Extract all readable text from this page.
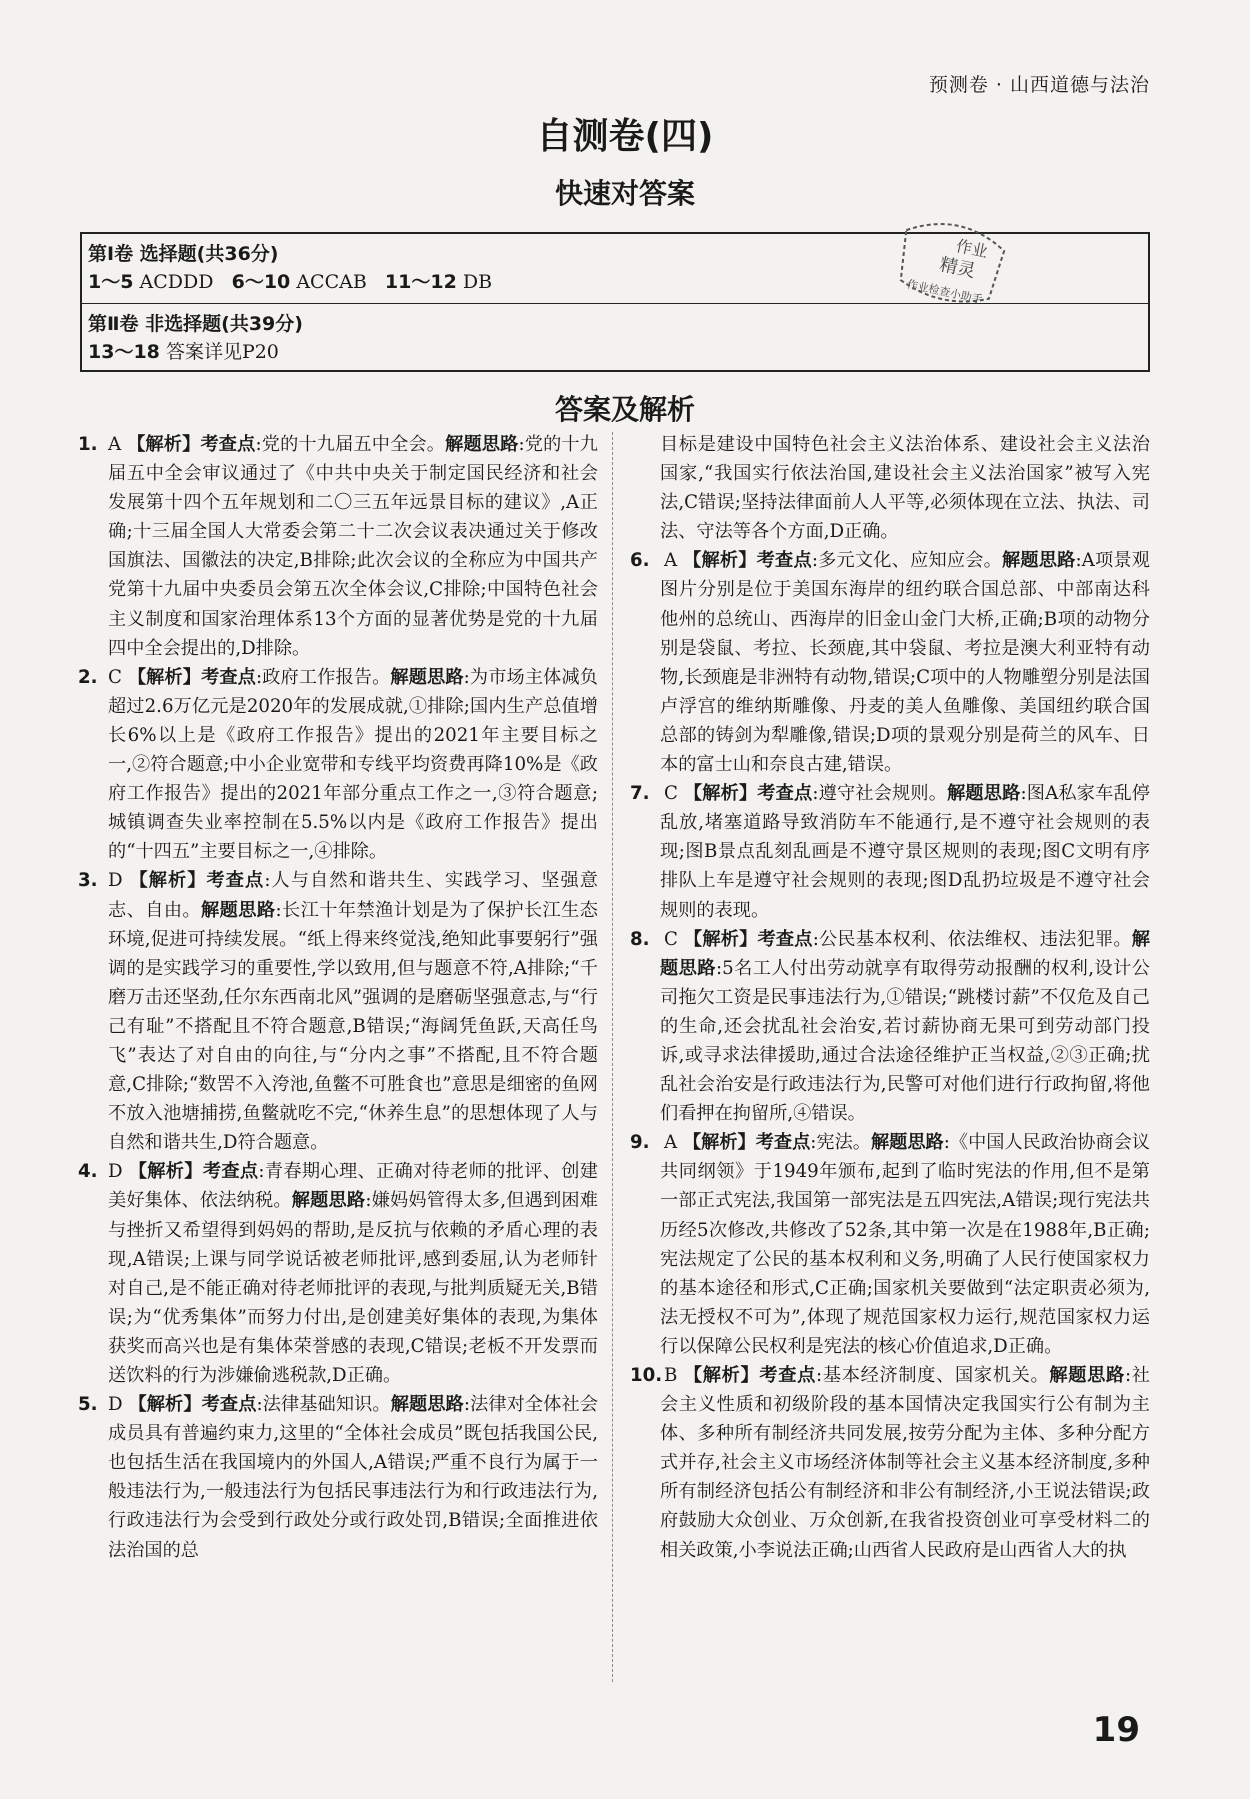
预测卷 · 山西道德与法治
自测卷(四)
快速对答案
第Ⅰ卷 选择题(共36分)
1～5 ACDDD 6～10 ACCAB 11～12 DB
第Ⅱ卷 非选择题(共39分)
13～18 答案详见P20
作业
精灵
作业检查小助手
答案及解析

1. A 【解析】考查点:党的十九届五中全会。解题思路:党的十九届五中全会审议通过了《中共中央关于制定国民经济和社会发展第十四个五年规划和二〇三五年远景目标的建议》,A正确;十三届全国人大常委会第二十二次会议表决通过关于修改国旗法、国徽法的决定,B排除;此次会议的全称应为中国共产党第十九届中央委员会第五次全体会议,C排除;中国特色社会主义制度和国家治理体系13个方面的显著优势是党的十九届四中全会提出的,D排除。

2. C 【解析】考查点:政府工作报告。解题思路:为市场主体减负超过2.6万亿元是2020年的发展成就,①排除;国内生产总值增长6%以上是《政府工作报告》提出的2021年主要目标之一,②符合题意;中小企业宽带和专线平均资费再降10%是《政府工作报告》提出的2021年部分重点工作之一,③符合题意;城镇调查失业率控制在5.5%以内是《政府工作报告》提出的“十四五”主要目标之一,④排除。

3. D 【解析】考查点:人与自然和谐共生、实践学习、坚强意志、自由。解题思路:长江十年禁渔计划是为了保护长江生态环境,促进可持续发展。“纸上得来终觉浅,绝知此事要躬行”强调的是实践学习的重要性,学以致用,但与题意不符,A排除;“千磨万击还坚劲,任尔东西南北风”强调的是磨砺坚强意志,与“行己有耻”不搭配且不符合题意,B错误;“海阔凭鱼跃,天高任鸟飞”表达了对自由的向往,与“分内之事”不搭配,且不符合题意,C排除;“数罟不入洿池,鱼鳖不可胜食也”意思是细密的鱼网不放入池塘捕捞,鱼鳖就吃不完,“休养生息”的思想体现了人与自然和谐共生,D符合题意。

4. D 【解析】考查点:青春期心理、正确对待老师的批评、创建美好集体、依法纳税。解题思路:嫌妈妈管得太多,但遇到困难与挫折又希望得到妈妈的帮助,是反抗与依赖的矛盾心理的表现,A错误;上课与同学说话被老师批评,感到委屈,认为老师针对自己,是不能正确对待老师批评的表现,与批判质疑无关,B错误;为“优秀集体”而努力付出,是创建美好集体的表现,为集体获奖而高兴也是有集体荣誉感的表现,C错误;老板不开发票而送饮料的行为涉嫌偷逃税款,D正确。

5. D 【解析】考查点:法律基础知识。解题思路:法律对全体社会成员具有普遍约束力,这里的“全体社会成员”既包括我国公民,也包括生活在我国境内的外国人,A错误;严重不良行为属于一般违法行为,一般违法行为包括民事违法行为和行政违法行为,行政违法行为会受到行政处分或行政处罚,B错误;全面推进依法治国的总

目标是建设中国特色社会主义法治体系、建设社会主义法治国家,“我国实行依法治国,建设社会主义法治国家”被写入宪法,C错误;坚持法律面前人人平等,必须体现在立法、执法、司法、守法等各个方面,D正确。

6. A 【解析】考查点:多元文化、应知应会。解题思路:A项景观图片分别是位于美国东海岸的纽约联合国总部、中部南达科他州的总统山、西海岸的旧金山金门大桥,正确;B项的动物分别是袋鼠、考拉、长颈鹿,其中袋鼠、考拉是澳大利亚特有动物,长颈鹿是非洲特有动物,错误;C项中的人物雕塑分别是法国卢浮宫的维纳斯雕像、丹麦的美人鱼雕像、美国纽约联合国总部的铸剑为犁雕像,错误;D项的景观分别是荷兰的风车、日本的富士山和奈良古建,错误。

7. C 【解析】考查点:遵守社会规则。解题思路:图A私家车乱停乱放,堵塞道路导致消防车不能通行,是不遵守社会规则的表现;图B景点乱刻乱画是不遵守景区规则的表现;图C文明有序排队上车是遵守社会规则的表现;图D乱扔垃圾是不遵守社会规则的表现。

8. C 【解析】考查点:公民基本权利、依法维权、违法犯罪。解题思路:5名工人付出劳动就享有取得劳动报酬的权利,设计公司拖欠工资是民事违法行为,①错误;“跳楼讨薪”不仅危及自己的生命,还会扰乱社会治安,若讨薪协商无果可到劳动部门投诉,或寻求法律援助,通过合法途径维护正当权益,②③正确;扰乱社会治安是行政违法行为,民警可对他们进行行政拘留,将他们看押在拘留所,④错误。

9. A 【解析】考查点:宪法。解题思路:《中国人民政治协商会议共同纲领》于1949年颁布,起到了临时宪法的作用,但不是第一部正式宪法,我国第一部宪法是五四宪法,A错误;现行宪法共历经5次修改,共修改了52条,其中第一次是在1988年,B正确;宪法规定了公民的基本权利和义务,明确了人民行使国家权力的基本途径和形式,C正确;国家机关要做到“法定职责必须为,法无授权不可为”,体现了规范国家权力运行,规范国家权力运行以保障公民权利是宪法的核心价值追求,D正确。

10.B 【解析】考查点:基本经济制度、国家机关。解题思路:社会主义性质和初级阶段的基本国情决定我国实行公有制为主体、多种所有制经济共同发展,按劳分配为主体、多种分配方式并存,社会主义市场经济体制等社会主义基本经济制度,多种所有制经济包括公有制经济和非公有制经济,小王说法错误;政府鼓励大众创业、万众创新,在我省投资创业可享受材料二的相关政策,小李说法正确;山西省人民政府是山西省人大的执

19
